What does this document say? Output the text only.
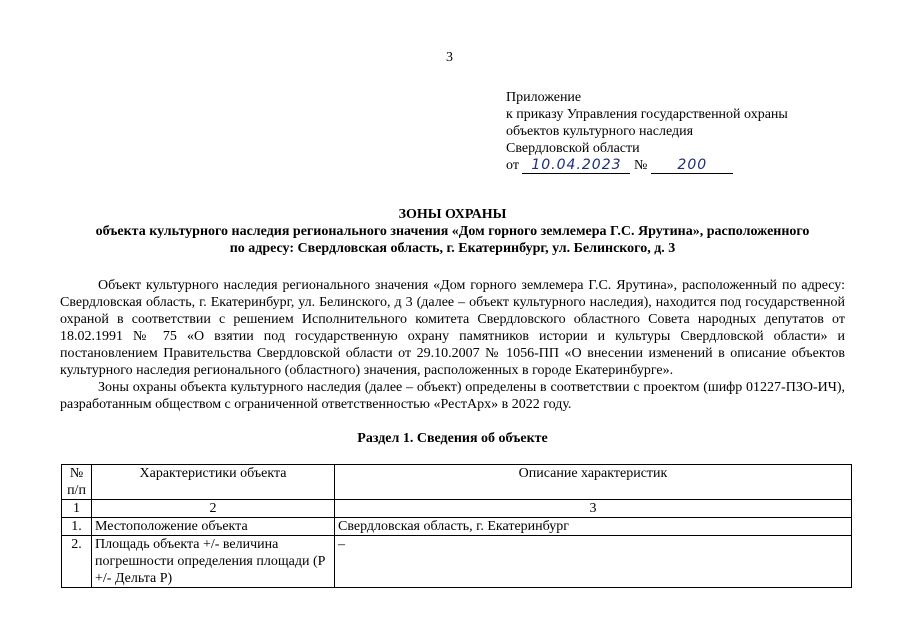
3
Приложение
к приказу Управления государственной охраны
объектов культурного наследия
Свердловской области
от 10.04.2023 № 200
ЗОНЫ ОХРАНЫ
объекта культурного наследия регионального значения «Дом горного землемера Г.С. Ярутина», расположенного
по адресу: Свердловская область, г. Екатеринбург, ул. Белинского, д. 3

Объект культурного наследия регионального значения «Дом горного землемера Г.С. Ярутина», расположенный по адресу: Свердловская область, г. Екатеринбург, ул. Белинского, д 3 (далее – объект культурного наследия), находится под государственной охраной в соответствии с решением Исполнительного комитета Свердловского областного Совета народных депутатов от 18.02.1991 № 75 «О взятии под государственную охрану памятников истории и культуры Свердловской области» и постановлением Правительства Свердловской области от 29.10.2007 № 1056-ПП «О внесении изменений в описание объектов культурного наследия регионального (областного) значения, расположенных в городе Екатеринбурге».

Зоны охраны объекта культурного наследия (далее – объект) определены в соответствии с проектом (шифр 01227-ПЗО-ИЧ), разработанным обществом с ограниченной ответственностью «РестАрх» в 2022 году.

Раздел 1. Сведения об объекте
№ п/п	Характеристики объекта	Описание характеристик
1	2	3
1.	Местоположение объекта	Свердловская область, г. Екатеринбург
2.	Площадь объекта +/- величина погрешности определения площади (Р +/- Дельта Р)	–
